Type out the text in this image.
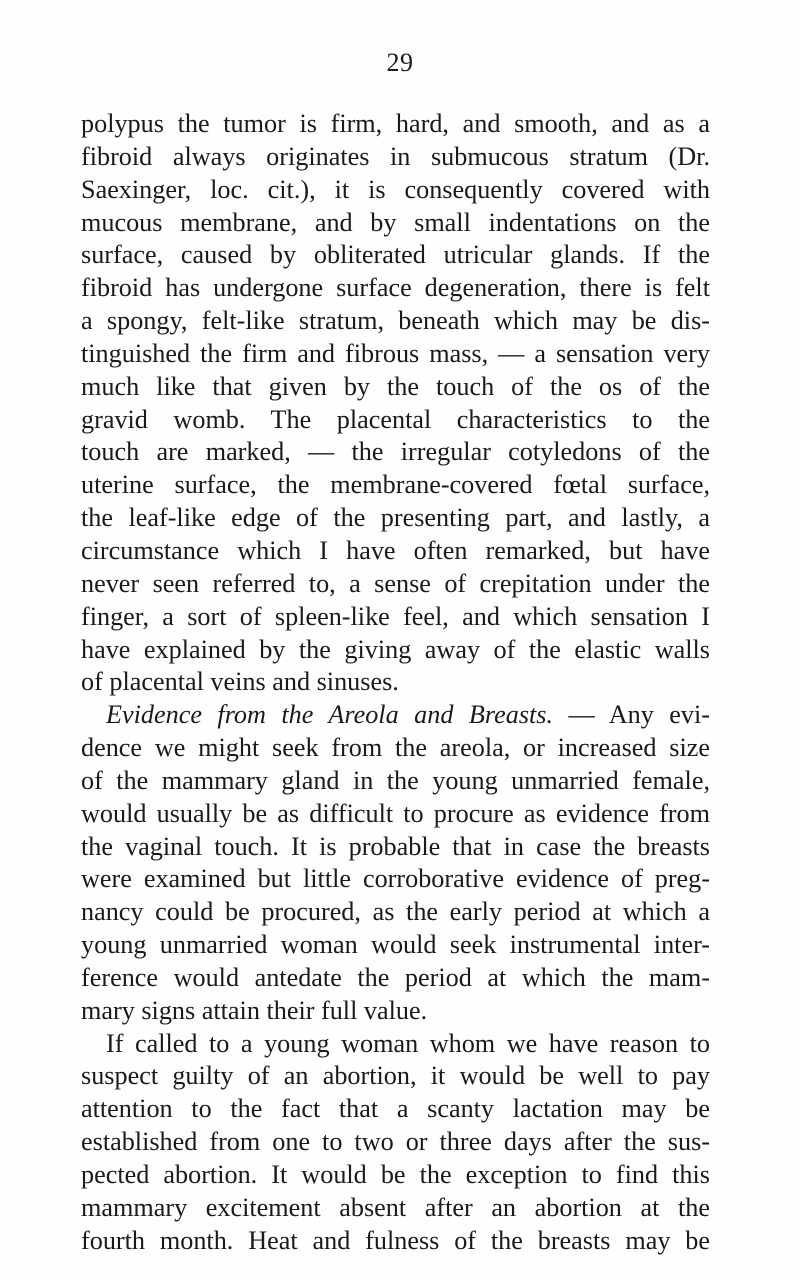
29
polypus the tumor is firm, hard, and smooth, and as a
fibroid always originates in submucous stratum (Dr.
Saexinger, loc. cit.), it is consequently covered with
mucous membrane, and by small indentations on the
surface, caused by obliterated utricular glands. If the
fibroid has undergone surface degeneration, there is felt
a spongy, felt-like stratum, beneath which may be dis-
tinguished the firm and fibrous mass, — a sensation very
much like that given by the touch of the os of the
gravid womb. The placental characteristics to the
touch are marked, — the irregular cotyledons of the
uterine surface, the membrane-covered fœtal surface,
the leaf-like edge of the presenting part, and lastly, a
circumstance which I have often remarked, but have
never seen referred to, a sense of crepitation under the
finger, a sort of spleen-like feel, and which sensation I
have explained by the giving away of the elastic walls
of placental veins and sinuses.
Evidence from the Areola and Breasts. — Any evi-
dence we might seek from the areola, or increased size
of the mammary gland in the young unmarried female,
would usually be as difficult to procure as evidence from
the vaginal touch. It is probable that in case the breasts
were examined but little corroborative evidence of preg-
nancy could be procured, as the early period at which a
young unmarried woman would seek instrumental inter-
ference would antedate the period at which the mam-
mary signs attain their full value.
If called to a young woman whom we have reason to
suspect guilty of an abortion, it would be well to pay
attention to the fact that a scanty lactation may be
established from one to two or three days after the sus-
pected abortion. It would be the exception to find this
mammary excitement absent after an abortion at the
fourth month. Heat and fulness of the breasts may be
